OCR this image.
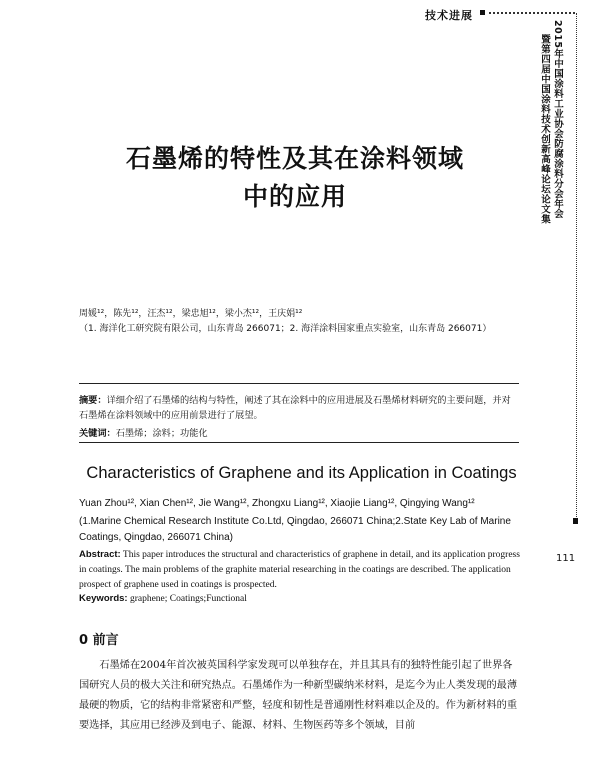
技术进展
2015年中国涂料工业协会防腐涂料分会年会
暨第四届中国涂料技术创新高峰论坛论文集
111
石墨烯的特性及其在涂料领域
中的应用
周媛¹²，陈先¹²，汪杰¹²，梁忠旭¹²，梁小杰¹²，王庆娟¹²
（1. 海洋化工研究院有限公司，山东青岛 266071；2. 海洋涂料国家重点实验室，山东青岛 266071）
摘要：详细介绍了石墨烯的结构与特性，阐述了其在涂料中的应用进展及石墨烯材料研究的主要问题，并对石墨烯在涂料领域中的应用前景进行了展望。
关键词：石墨烯；涂料；功能化
Characteristics of Graphene and its Application in Coatings
Yuan Zhou¹², Xian Chen¹², Jie Wang¹², Zhongxu Liang¹², Xiaojie Liang¹², Qingying Wang¹²
(1.Marine Chemical Research Institute Co.Ltd, Qingdao, 266071 China;2.State Key Lab of Marine Coatings, Qingdao, 266071 China)
Abstract: This paper introduces the structural and characteristics of graphene in detail, and its application progress in coatings. The main problems of the graphite material researching in the coatings are described. The application prospect of graphene used in coatings is prospected.
Keywords: graphene; Coatings;Functional
0 前言
石墨烯在2004年首次被英国科学家发现可以单独存在，并且其具有的独特性能引起了世界各国研究人员的极大关注和研究热点。石墨烯作为一种新型碳纳米材料，是迄今为止人类发现的最薄最硬的物质，它的结构非常紧密和严整，轻度和韧性是普通刚性材料难以企及的。作为新材料的重要选择，其应用已经涉及到电子、能源、材料、生物医药等多个领域，目前
